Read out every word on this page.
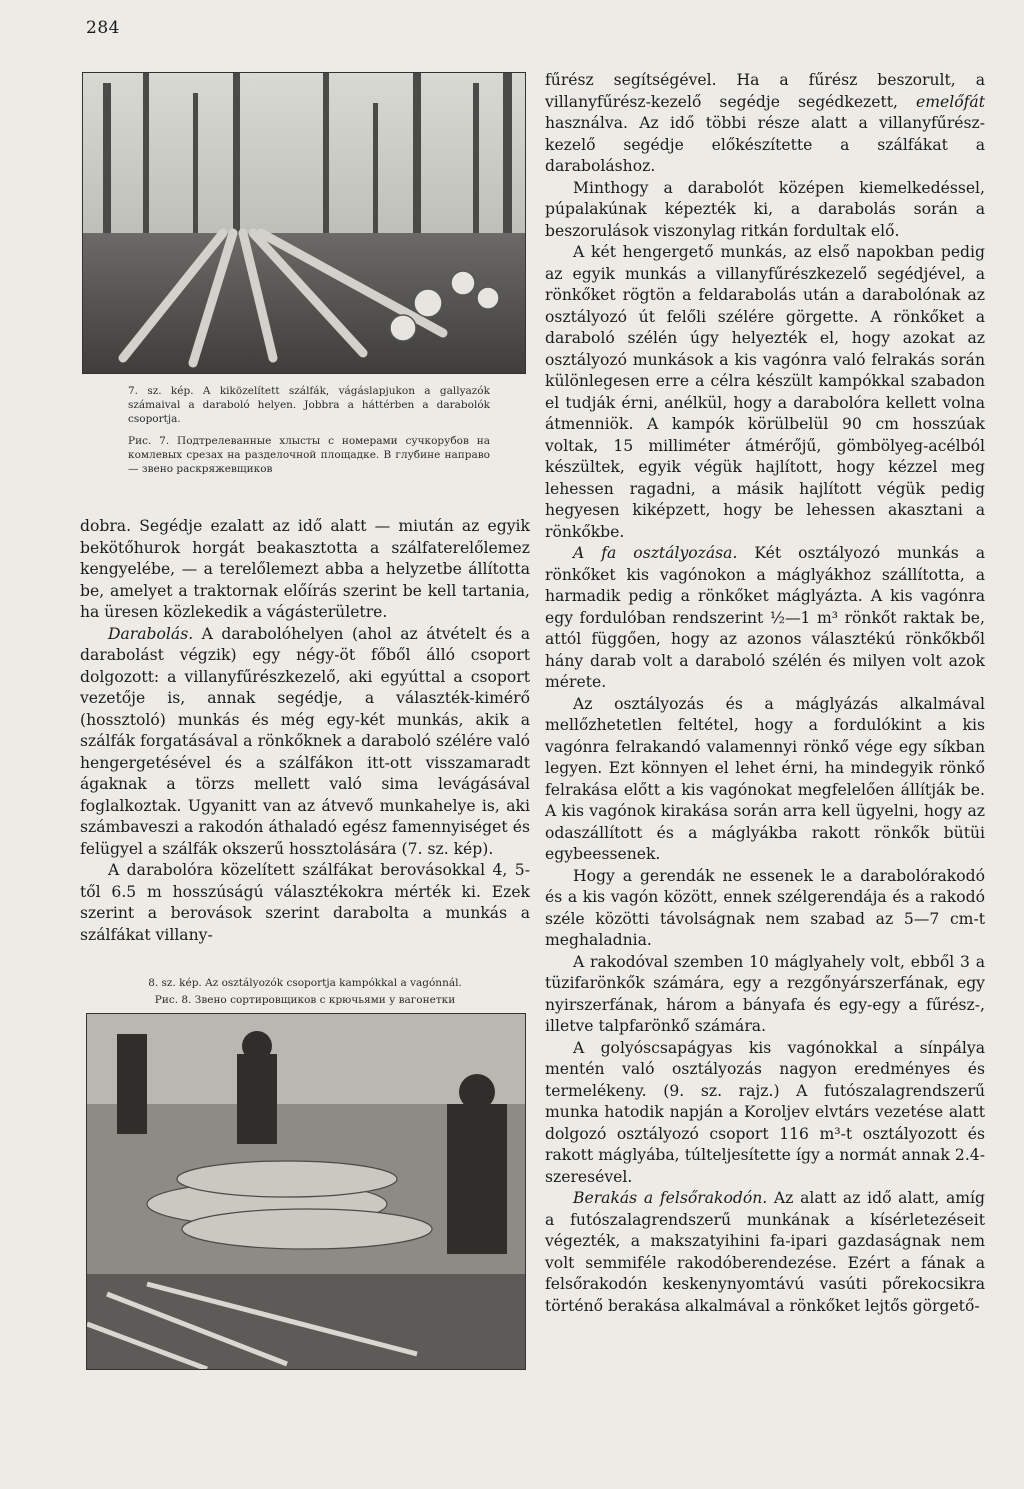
284
7. sz. kép. A kiközelített szálfák, vágáslapjukon a gallyazók számaival a daraboló helyen. Jobbra a háttérben a darabolók csoportja.
Рис. 7. Подтрелеванные хлысты с номерами сучкорубов на комлевых срезах на разделочной площадке. В глубине направо — звено раскряжевщиков

dobra. Segédje ezalatt az idő alatt — miután az egyik bekötőhurok horgát beakasztotta a szálfaterelőlemez kengyelébe, — a terelőlemezt abba a helyzetbe állította be, amelyet a traktornak előírás szerint be kell tartania, ha üresen közlekedik a vágásterületre.

Darabolás. A darabolóhelyen (ahol az átvételt és a darabolást végzik) egy négy-öt főből álló csoport dolgozott: a villanyfűrészkezelő, aki egyúttal a csoport vezetője is, annak segédje, a választék-kimérő (hossztoló) munkás és még egy-két munkás, akik a szálfák forgatásával a rönkőknek a daraboló szélére való hengergetésével és a szálfákon itt-ott visszamaradt ágaknak a törzs mellett való sima levágásával foglalkoztak. Ugyanitt van az átvevő munkahelye is, aki számbaveszi a rakodón áthaladó egész famennyiséget és felügyel a szálfák okszerű hossztolására (7. sz. kép).

A darabolóra közelített szálfákat berovásokkal 4, 5-től 6.5 m hosszúságú választékokra mérték ki. Ezek szerint a berovások szerint darabolta a munkás a szálfákat villany-

8. sz. kép. Az osztályozók csoportja kampókkal a vagónnál.
Рис. 8. Звено сортировщиков с крючьями у вагонетки

fűrész segítségével. Ha a fűrész beszorult, a villanyfűrész-kezelő segédje segédkezett, emelőfát használva. Az idő többi része alatt a villanyfűrész-kezelő segédje előkészítette a szálfákat a daraboláshoz.

Minthogy a darabolót középen kiemelkedéssel, púpalakúnak képezték ki, a darabolás során a beszorulások viszonylag ritkán fordultak elő.

A két hengergető munkás, az első napokban pedig az egyik munkás a villanyfűrészkezelő segédjével, a rönkőket rögtön a feldarabolás után a darabolónak az osztályozó út felőli szélére görgette. A rönkőket a daraboló szélén úgy helyezték el, hogy azokat az osztályozó munkások a kis vagónra való felrakás során különlegesen erre a célra készült kampókkal szabadon el tudják érni, anélkül, hogy a darabolóra kellett volna átmenniök. A kampók körülbelül 90 cm hosszúak voltak, 15 milliméter átmérőjű, gömbölyeg-acélból készültek, egyik végük hajlított, hogy kézzel meg lehessen ragadni, a másik hajlított végük pedig hegyesen kiképzett, hogy be lehessen akasztani a rönkőkbe.

A fa osztályozása. Két osztályozó munkás a rönkőket kis vagónokon a máglyákhoz szállította, a harmadik pedig a rönkőket máglyázta. A kis vagónra egy fordulóban rendszerint ½—1 m³ rönkőt raktak be, attól függően, hogy az azonos választékú rönkőkből hány darab volt a daraboló szélén és milyen volt azok mérete.

Az osztályozás és a máglyázás alkalmával mellőzhetetlen feltétel, hogy a fordulókint a kis vagónra felrakandó valamennyi rönkő vége egy síkban legyen. Ezt könnyen el lehet érni, ha mindegyik rönkő felrakása előtt a kis vagónokat megfelelően állítják be. A kis vagónok kirakása során arra kell ügyelni, hogy az odaszállított és a máglyákba rakott rönkők bütüi egybeessenek.

Hogy a gerendák ne essenek le a darabolórakodó és a kis vagón között, ennek szélgerendája és a rakodó széle közötti távolságnak nem szabad az 5—7 cm-t meghaladnia.

A rakodóval szemben 10 máglyahely volt, ebből 3 a tüzifarönkők számára, egy a rezgőnyárszerfának, egy nyirszerfának, három a bányafa és egy-egy a fűrész-, illetve talpfarönkő számára.

A golyóscsapágyas kis vagónokkal a sínpálya mentén való osztályozás nagyon eredményes és termelékeny. (9. sz. rajz.) A futószalagrendszerű munka hatodik napján a Koroljev elvtárs vezetése alatt dolgozó osztályozó csoport 116 m³-t osztályozott és rakott máglyába, túlteljesítette így a normát annak 2.4-szeresével.

Berakás a felsőrakodón. Az alatt az idő alatt, amíg a futószalagrendszerű munkának a kísérletezéseit végezték, a makszatyihini fa-ipari gazdaságnak nem volt semmiféle rakodóberendezése. Ezért a fának a felsőrakodón keskenynyomtávú vasúti pőrekocsikra történő berakása alkalmával a rönkőket lejtős görgető-
